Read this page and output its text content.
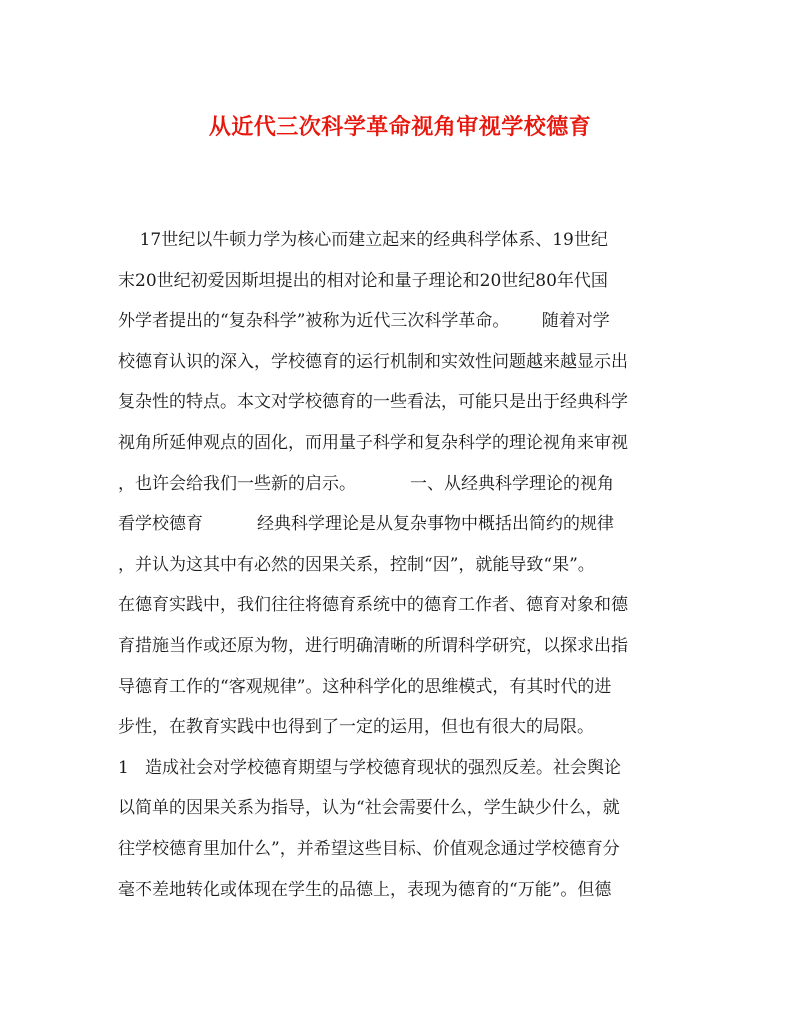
从近代三次科学革命视角审视学校德育
17世纪以牛顿力学为核心而建立起来的经典科学体系、19世纪
末20世纪初爱因斯坦提出的相对论和量子理论和20世纪80年代国
外学者提出的“复杂科学”被称为近代三次科学革命。      随着对学
校德育认识的深入，学校德育的运行机制和实效性问题越来越显示出
复杂性的特点。本文对学校德育的一些看法，可能只是出于经典科学
视角所延伸观点的固化，而用量子科学和复杂科学的理论视角来审视
，也许会给我们一些新的启示。          一、从经典科学理论的视角
看学校德育          经典科学理论是从复杂事物中概括出简约的规律
，并认为这其中有必然的因果关系，控制“因”，就能导致“果”。
在德育实践中，我们往往将德育系统中的德育工作者、德育对象和德
育措施当作或还原为物，进行明确清晰的所谓科学研究，以探求出指
导德育工作的“客观规律”。这种科学化的思维模式，有其时代的进
步性，在教育实践中也得到了一定的运用，但也有很大的局限。
1   造成社会对学校德育期望与学校德育现状的强烈反差。社会舆论
以简单的因果关系为指导，认为“社会需要什么，学生缺少什么，就
往学校德育里加什么”，并希望这些目标、价值观念通过学校德育分
毫不差地转化或体现在学生的品德上，表现为德育的“万能”。但德
